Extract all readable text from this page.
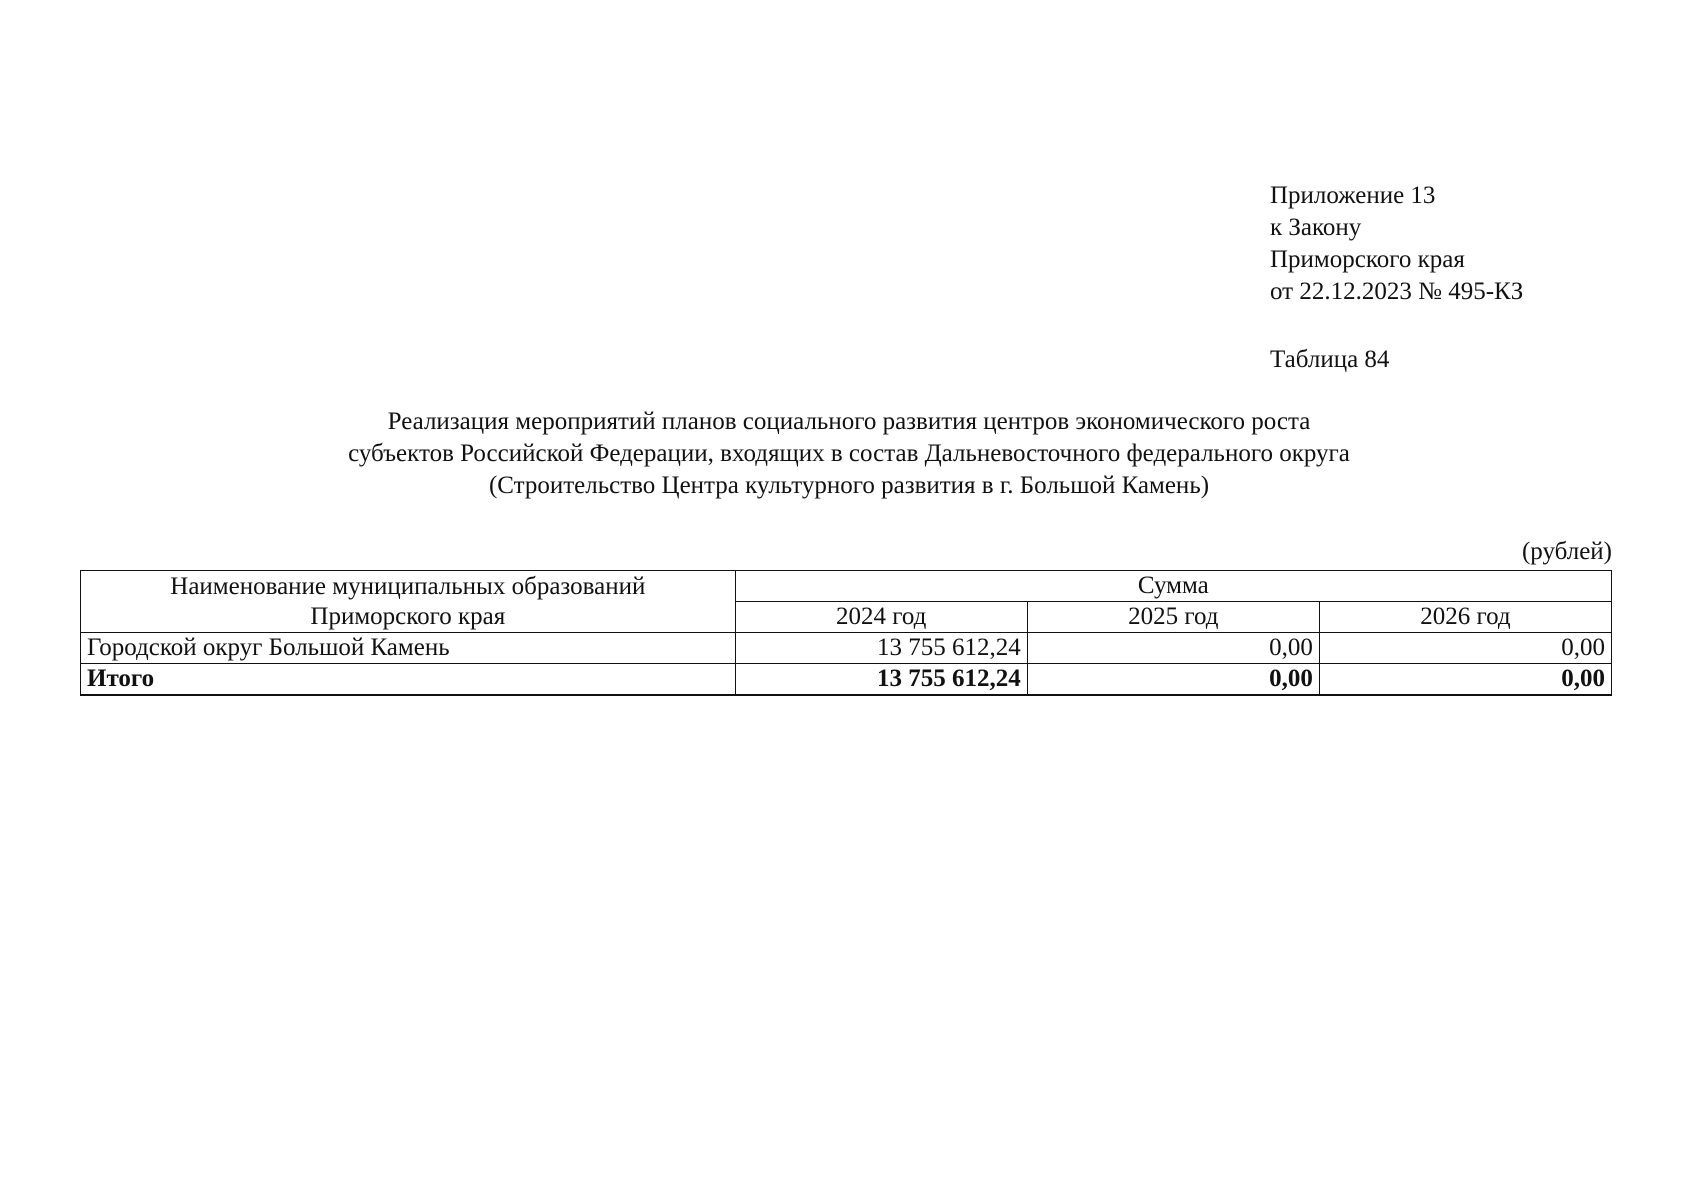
Приложение 13
к Закону
Приморского края
от 22.12.2023 № 495-КЗ
Таблица 84
Реализация мероприятий планов социального развития центров экономического роста
субъектов Российской Федерации, входящих в состав Дальневосточного федерального округа
(Строительство Центра культурного развития в г. Большой Камень)
(рублей)
Наименование муниципальных образований
Приморского края	Сумма		
	2024 год	2025 год	2026 год
Городской округ Большой Камень	13 755 612,24	0,00	0,00
Итого	13 755 612,24	0,00	0,00
